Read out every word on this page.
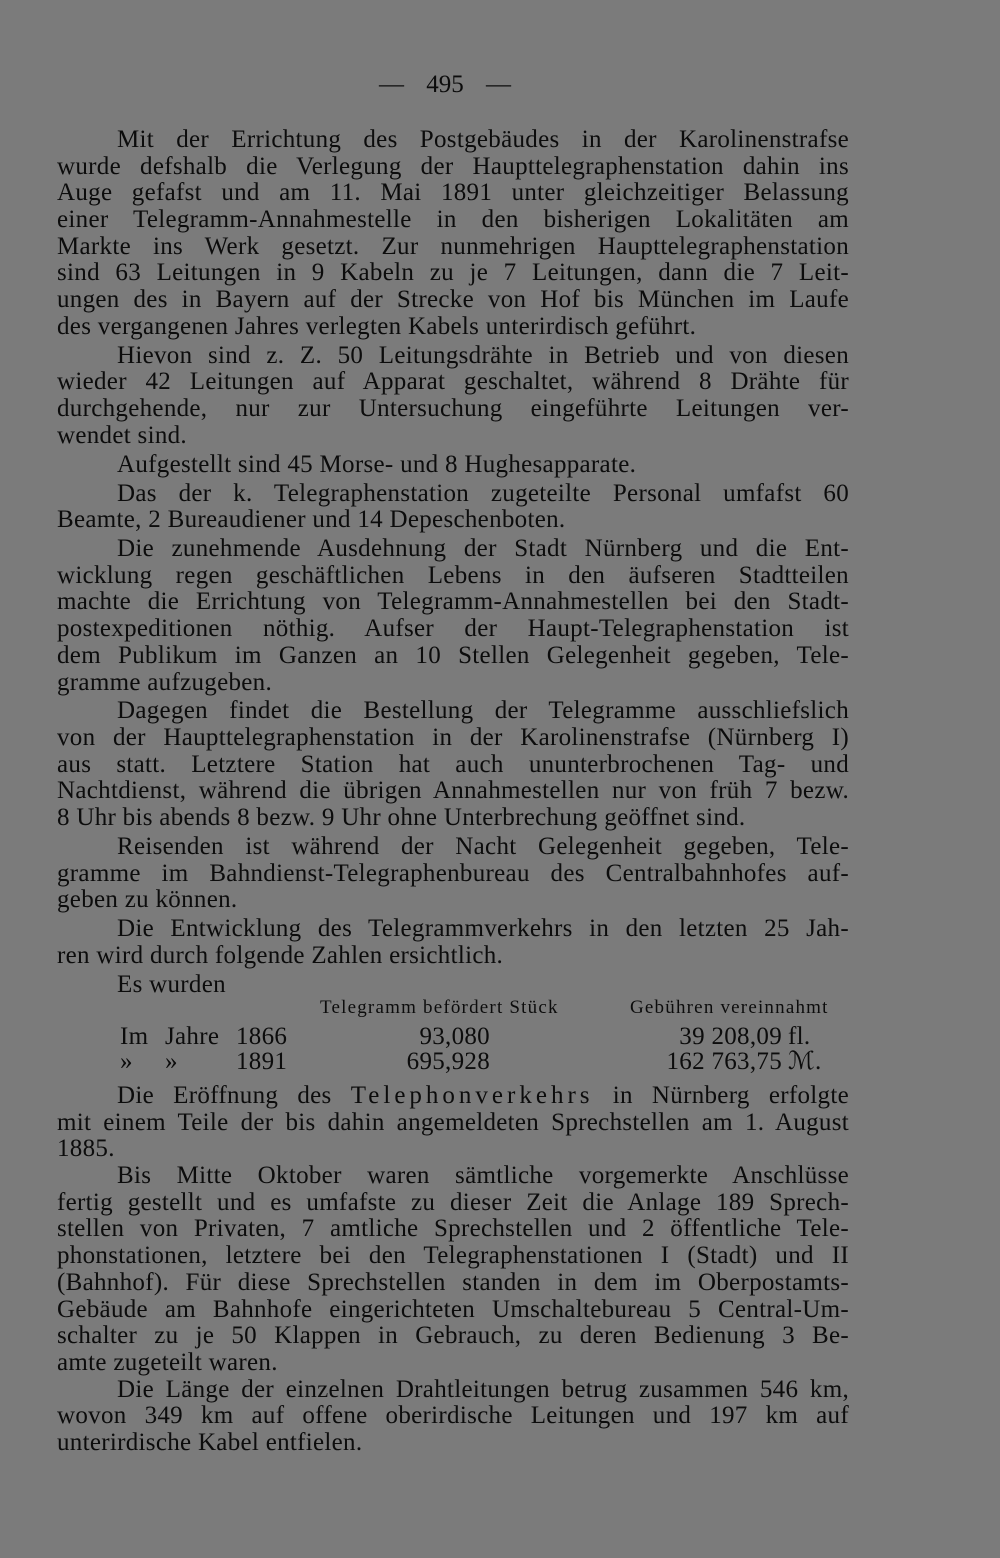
— 495 —
Mit der Errichtung des Postgebäudes in der Karolinenstrafse
wurde defshalb die Verlegung der Haupttelegraphenstation dahin ins
Auge gefafst und am 11. Mai 1891 unter gleichzeitiger Belassung
einer Telegramm-Annahmestelle in den bisherigen Lokalitäten am
Markte ins Werk gesetzt. Zur nunmehrigen Haupttelegraphenstation
sind 63 Leitungen in 9 Kabeln zu je 7 Leitungen, dann die 7 Leit-
ungen des in Bayern auf der Strecke von Hof bis München im Laufe
des vergangenen Jahres verlegten Kabels unterirdisch geführt.
Hievon sind z. Z. 50 Leitungsdrähte in Betrieb und von diesen
wieder 42 Leitungen auf Apparat geschaltet, während 8 Drähte für
durchgehende, nur zur Untersuchung eingeführte Leitungen ver-
wendet sind.
Aufgestellt sind 45 Morse- und 8 Hughesapparate.
Das der k. Telegraphenstation zugeteilte Personal umfafst 60
Beamte, 2 Bureaudiener und 14 Depeschenboten.
Die zunehmende Ausdehnung der Stadt Nürnberg und die Ent-
wicklung regen geschäftlichen Lebens in den äufseren Stadtteilen
machte die Errichtung von Telegramm-Annahmestellen bei den Stadt-
postexpeditionen nöthig. Aufser der Haupt-Telegraphenstation ist
dem Publikum im Ganzen an 10 Stellen Gelegenheit gegeben, Tele-
gramme aufzugeben.
Dagegen findet die Bestellung der Telegramme ausschliefslich
von der Haupttelegraphenstation in der Karolinenstrafse (Nürnberg I)
aus statt. Letztere Station hat auch ununterbrochenen Tag- und
Nachtdienst, während die übrigen Annahmestellen nur von früh 7 bezw.
8 Uhr bis abends 8 bezw. 9 Uhr ohne Unterbrechung geöffnet sind.
Reisenden ist während der Nacht Gelegenheit gegeben, Tele-
gramme im Bahndienst-Telegraphenbureau des Centralbahnhofes auf-
geben zu können.
Die Entwicklung des Telegrammverkehrs in den letzten 25 Jah-
ren wird durch folgende Zahlen ersichtlich.
Es wurden
Telegramm befördert Stück	Gebühren vereinnahmt
Im Jahre 1866	93,080	39 208,09 fl.
» » 1891	695,928	162 763,75 ℳ.
Die Eröffnung des Telephonverkehrs in Nürnberg erfolgte
mit einem Teile der bis dahin angemeldeten Sprechstellen am 1. August
1885.
Bis Mitte Oktober waren sämtliche vorgemerkte Anschlüsse
fertig gestellt und es umfafste zu dieser Zeit die Anlage 189 Sprech-
stellen von Privaten, 7 amtliche Sprechstellen und 2 öffentliche Tele-
phonstationen, letztere bei den Telegraphenstationen I (Stadt) und II
(Bahnhof). Für diese Sprechstellen standen in dem im Oberpostamts-
Gebäude am Bahnhofe eingerichteten Umschaltebureau 5 Central-Um-
schalter zu je 50 Klappen in Gebrauch, zu deren Bedienung 3 Be-
amte zugeteilt waren.
Die Länge der einzelnen Drahtleitungen betrug zusammen 546 km,
wovon 349 km auf offene oberirdische Leitungen und 197 km auf
unterirdische Kabel entfielen.
